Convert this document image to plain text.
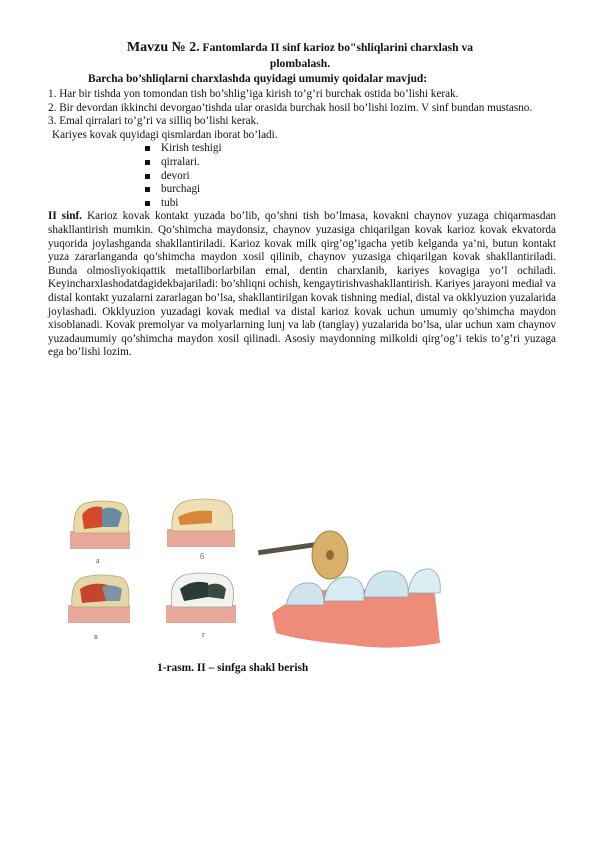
Mavzu № 2. Fantomlarda II sinf karioz bo"shliqlarini charxlash va
plombalash.
Barcha bo’shliqlarni charxlashda quyidagi umumiy qoidalar mavjud:

1. Har bir tishda yon tomondan tish bo’shlig’iga kirish to’g’ri burchak ostida bo’lishi kerak.

2. Bir devordan ikkinchi devorgao’tishda ular orasida burchak hosil bo’lishi lozim. V sinf bundan mustasno.

3. Emal qirralari to’g’ri va silliq bo’lishi kerak.

Kariyes kovak quyidagi qismlardan iborat bo’ladi.

Kirish teshigi
qirralari.
devori
burchagi
tubi

II sinf. Karioz kovak kontakt yuzada bo’lib, qo’shni tish bo’lmasa, kovakni chaynov yuzaga chiqarmasdan shakllantirish mumkin. Qo’shimcha maydonsiz, chaynov yuzasiga chiqarilgan kovak karioz kovak ekvatorda yuqorida joylashganda shakllantiriladi. Karioz kovak milk qirg’og’igacha yetib kelganda ya’ni, butun kontakt yuza zararlanganda qo’shimcha maydon xosil qilinib, chaynov yuzasiga chiqarilgan kovak shakllantiriladi. Bunda olmosliyokiqattik metalliborlarbilan emal, dentin charxlanib, kariyes kovagiga yo’l ochiladi. Keyincharxlashodatdagidekbajariladi: bo’shliqni ochish, kengaytirishvashakllantirish. Kariyes jarayoni medial va distal kontakt yuzalarni zararlagan bo’lsa, shakllantirilgan kovak tishning medial, distal va okklyuzion yuzalarida joylashadi. Okklyuzion yuzadagi kovak medial va distal karioz kovak uchun umumiy qo’shimcha maydon xisoblanadi. Kovak premolyar va molyarlarning lunj va lab (tanglay) yuzalarida bo’lsa, ular uchun xam chaynov yuzadaumumiy qo’shimcha maydon xosil qilinadi. Asosiy maydonning milkoldi qirg’og’i tekis to’g’ri yuzaga ega bo’lishi lozim.

а	б
в	г
1-rasm. II – sinfga shakl berish
